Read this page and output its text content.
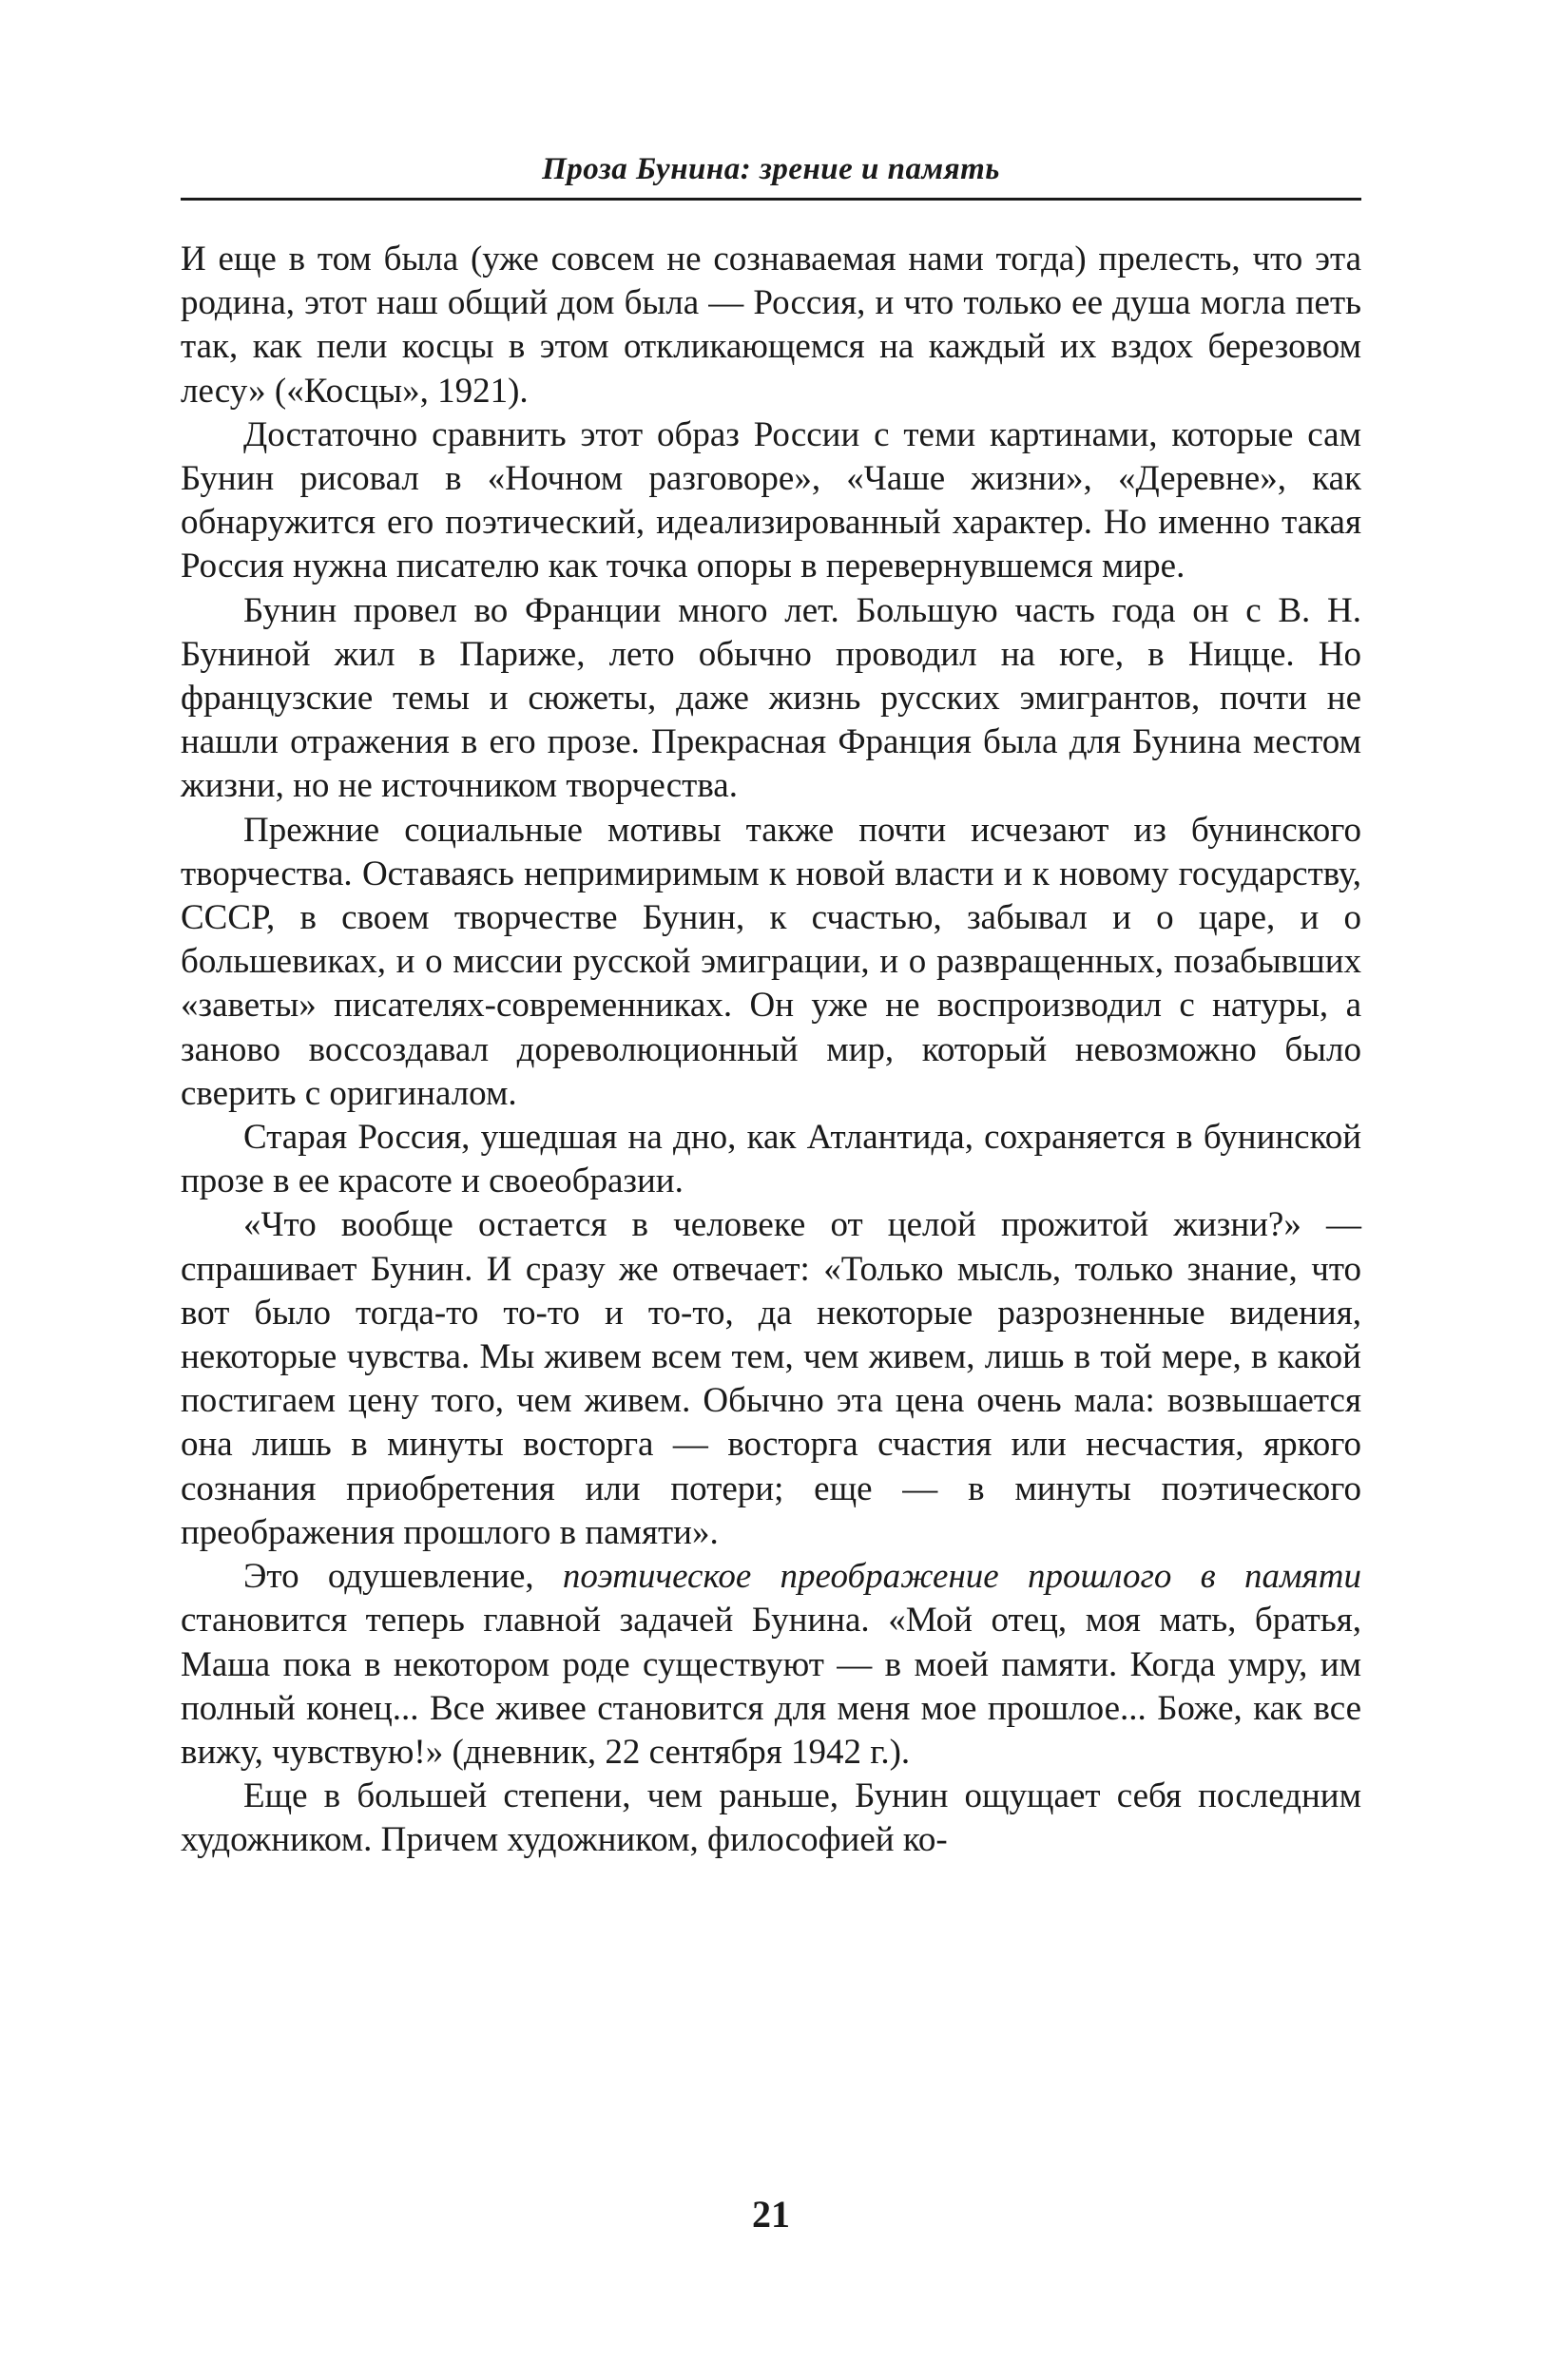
Проза Бунина: зрение и память

И еще в том была (уже совсем не сознаваемая нами тогда) прелесть, что эта родина, этот наш общий дом была — Россия, и что только ее душа могла петь так, как пели косцы в этом откликающемся на каждый их вздох березовом лесу» («Косцы», 1921).

Достаточно сравнить этот образ России с теми картинами, которые сам Бунин рисовал в «Ночном разговоре», «Чаше жизни», «Деревне», как обнаружится его поэтический, идеализированный характер. Но именно такая Россия нужна писателю как точка опоры в перевернувшемся мире.

Бунин провел во Франции много лет. Большую часть года он с В. Н. Буниной жил в Париже, лето обычно проводил на юге, в Ницце. Но французские темы и сюжеты, даже жизнь русских эмигрантов, почти не нашли отражения в его прозе. Прекрасная Франция была для Бунина местом жизни, но не источником творчества.

Прежние социальные мотивы также почти исчезают из бунинского творчества. Оставаясь непримиримым к новой власти и к новому государству, СССР, в своем творчестве Бунин, к счастью, забывал и о царе, и о большевиках, и о миссии русской эмиграции, и о развращенных, позабывших «заветы» писателях-современниках. Он уже не воспроизводил с натуры, а заново воссоздавал дореволюционный мир, который невозможно было сверить с оригиналом.

Старая Россия, ушедшая на дно, как Атлантида, сохраняется в бунинской прозе в ее красоте и своеобразии.

«Что вообще остается в человеке от целой прожитой жизни?» — спрашивает Бунин. И сразу же отвечает: «Только мысль, только знание, что вот было тогда-то то-то и то-то, да некоторые разрозненные видения, некоторые чувства. Мы живем всем тем, чем живем, лишь в той мере, в какой постигаем цену того, чем живем. Обычно эта цена очень мала: возвышается она лишь в минуты восторга — восторга счастия или несчастия, яркого сознания приобретения или потери; еще — в минуты поэтического преображения прошлого в памяти».

Это одушевление, поэтическое преображение прошлого в памяти становится теперь главной задачей Бунина. «Мой отец, моя мать, братья, Маша пока в некотором роде существуют — в моей памяти. Когда умру, им полный конец... Все живее становится для меня мое прошлое... Боже, как все вижу, чувствую!» (дневник, 22 сентября 1942 г.).

Еще в большей степени, чем раньше, Бунин ощущает себя последним художником. Причем художником, философией ко-

21
